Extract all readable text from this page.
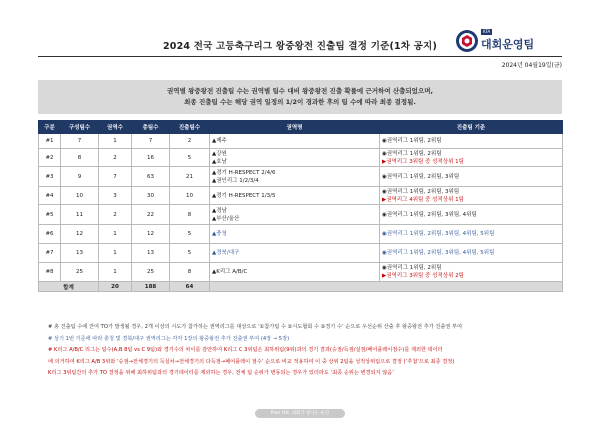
2024 전국 고등축구리그 왕중왕전 진출팀 결정 기준(1차 공지)
KFA
대회운영팀
2024년 04월19일(금)
권역별 왕중왕전 진출팀 수는 권역별 팀수 대비 왕중왕전 진출 확률에 근거하여 산출되었으며,
최종 진출팀 수는 해당 권역 일정의 1/2이 경과한 후의 팀 수에 따라 최종 결정됨.
구분	구성팀수	권역수	총팀수	진출팀수	권역명	진출팀 기준
#1	7	1	7	2	▲제주	◉권역리그 1위팀, 2위팀

#2	8	2	16	5	▲강원
▲호남	◉권역리그 1위팀, 2위팀
▶권역리그 3위팀 중 성적상위 1팀

#3	9	7	63	21	▲경기 H-RESPECT 2/4/6
▲권인리그 1/2/3/4	◉권역리그 1위팀, 2위팀, 3위팀

#4	10	3	30	10	▲경기 H-RESPECT 1/3/5	◉권역리그 1위팀, 2위팀, 3위팀
▶권역리그 4위팀 중 성적상위 1팀

#5	11	2	22	8	▲경남
▲부산/울산	◉권역리그 1위팀, 2위팀, 3위팀, 4위팀

#6	12	1	12	5	▲충청	◉권역리그 1위팀, 2위팀, 3위팀, 4위팀, 5위팀

#7	13	1	13	5	▲경북/대구	◉권역리그 1위팀, 2위팀, 3위팀, 4위팀, 5위팀

#8	25	1	25	8	▲K리그 A/B/C	◉권역리그 1위팀, 2위팀
▶권역리그 3위팀 중 성적상위 2팀

합계		20	188	64		
# 총 진출팀 수에 잔여 TO가 발생될 경우, 2개 이상의 시도가 참가하는 권역리그를 대상으로 ‘①참가팀 수 ②시도협회 수 ③경기 수’ 순으로 우선순위 산출 후 왕중왕전 추가 진출권 부여
# 상기 1번 기준에 따라 충청 및 경북/대구 권역리그는 각각 1장의 왕중왕전 추가 진출권 부여 (4장 → 5장)
# K리그 A/B/C 리그는 팀수(A,B 8팀 vs C 9팀)와 경기수의 차이를 감안하여 K리그 C 3위팀은 최하위팀(9위)과의 경기 결과(승점/득점/실점/페어플레이점수)를 제외한 데이터
에 의거하여 K리그 A/B 3위와 ‘승점→전체경기의 득실차→전체경기의 다득점→페어플레이 점수’ 순으로 비교 적용하여 이 중 상위 2팀을 성적상위팀으로 결정 (‘추첨’으로 최종 결정)
K리그 3위팀간의 추가 TO 결정을 위해 최하위팀과의 경기데이터를 제외하는 경우, 전체 팀 순위가 변동되는 경우가 있더라도 ‘최종 순위는 변경되지 않음’
Plan ON, 대회가 빛나는 순간
